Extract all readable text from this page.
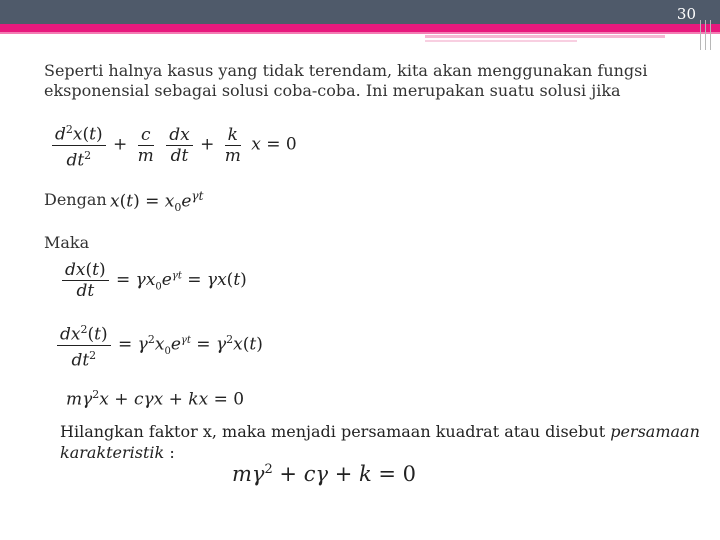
30
Seperti halnya kasus yang tidak terendam, kita akan menggunakan fungsi eksponensial sebagai solusi coba-coba. Ini merupakan suatu solusi jika
$\frac{d^2x(t)}{dt^2} + \frac{c}{m}$
$\frac{dx}{dt} + \frac{k}{m}$ x = 0
Dengan $x(t) = x_0e^{\gamma t}$
Maka
$\frac{dx(t)}{dt} = \gamma x_0e^{\gamma t} = \gamma x(t)$
$\frac{dx^2(t)}{dt^2} = \gamma^2x_0e^{\gamma t} = \gamma^2x(t)$
$m\gamma^2x + c\gamma x$ + kx = 0
Hilangkan faktor x, maka menjadi persamaan kuadrat atau disebut persamaan karakteristik :
$m\gamma^2 + c\gamma + k = 0$
